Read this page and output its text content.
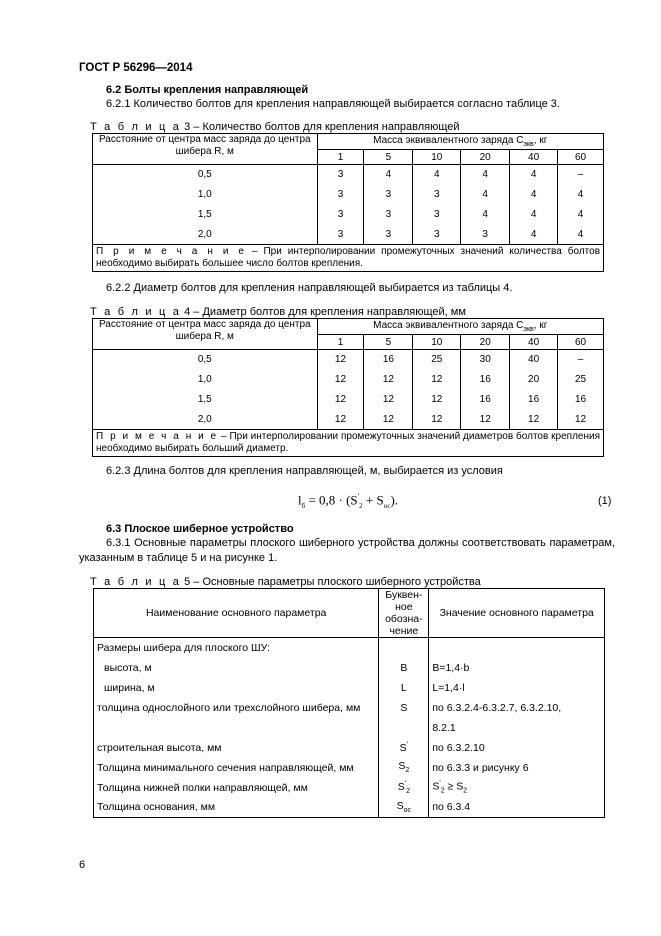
ГОСТ Р 56296—2014
6.2 Болты крепления направляющей
6.2.1 Количество болтов для крепления направляющей выбирается согласно таблице 3.
Т а б л и ц а 3 – Количество болтов для крепления направляющей
Расстояние от центра масс заряда до центра шибера R, м	Масса эквивалентного заряда $С_{экв}$, кг					
	1	5	10	20	40	60
0,5	3	4	4	4	4	–
1,0	3	3	3	4	4	4
1,5	3	3	3	4	4	4
2,0	3	3	3	3	4	4
П р и м е ч а н и е – При интерполировании промежуточных значений количества болтов необходимо выбирать большее число болтов крепления.						
6.2.2 Диаметр болтов для крепления направляющей выбирается из таблицы 4.
Т а б л и ц а 4 – Диаметр болтов для крепления направляющей, мм
Расстояние от центра масс заряда до центра шибера R, м	Масса эквивалентного заряда $С_{экв}$, кг					
	1	5	10	20	40	60
0,5	12	16	25	30	40	–
1,0	12	12	12	16	20	25
1,5	12	12	12	16	16	16
2,0	12	12	12	12	12	12
П р и м е ч а н и е – При интерполировании промежуточных значений диаметров болтов крепления необходимо выбирать больший диаметр.						
6.2.3 Длина болтов для крепления направляющей, м, выбирается из условия
$l_б = 0,8 \cdot (S'_2 + S_{ос})$.	(1)
6.3 Плоское шиберное устройство
6.3.1 Основные параметры плоского шиберного устройства должны соответствовать параметрам, указанным в таблице 5 и на рисунке 1.
Т а б л и ц а 5 – Основные параметры плоского шиберного устройства
Наименование основного параметра	Буквен-ное обозна-чение	Значение основного параметра
Размеры шибера для плоского ШУ:		
высота, м	B	B=1,4·b
ширина, м	L	L=1,4·l
толщина однослойного или трехслойного шибера, мм	S	по 6.3.2.4-6.3.2.7, 6.3.2.10,
		8.2.1
строительная высота, мм	S'	по 6.3.2.10
Толщина минимального сечения направляющей, мм	$S_2$	по 6.3.3 и рисунку 6
Толщина нижней полки направляющей, мм	$S'_2$	$S'_2 \ge S_2$
Толщина основания, мм	$S_{ос}$	по 6.3.4
6
